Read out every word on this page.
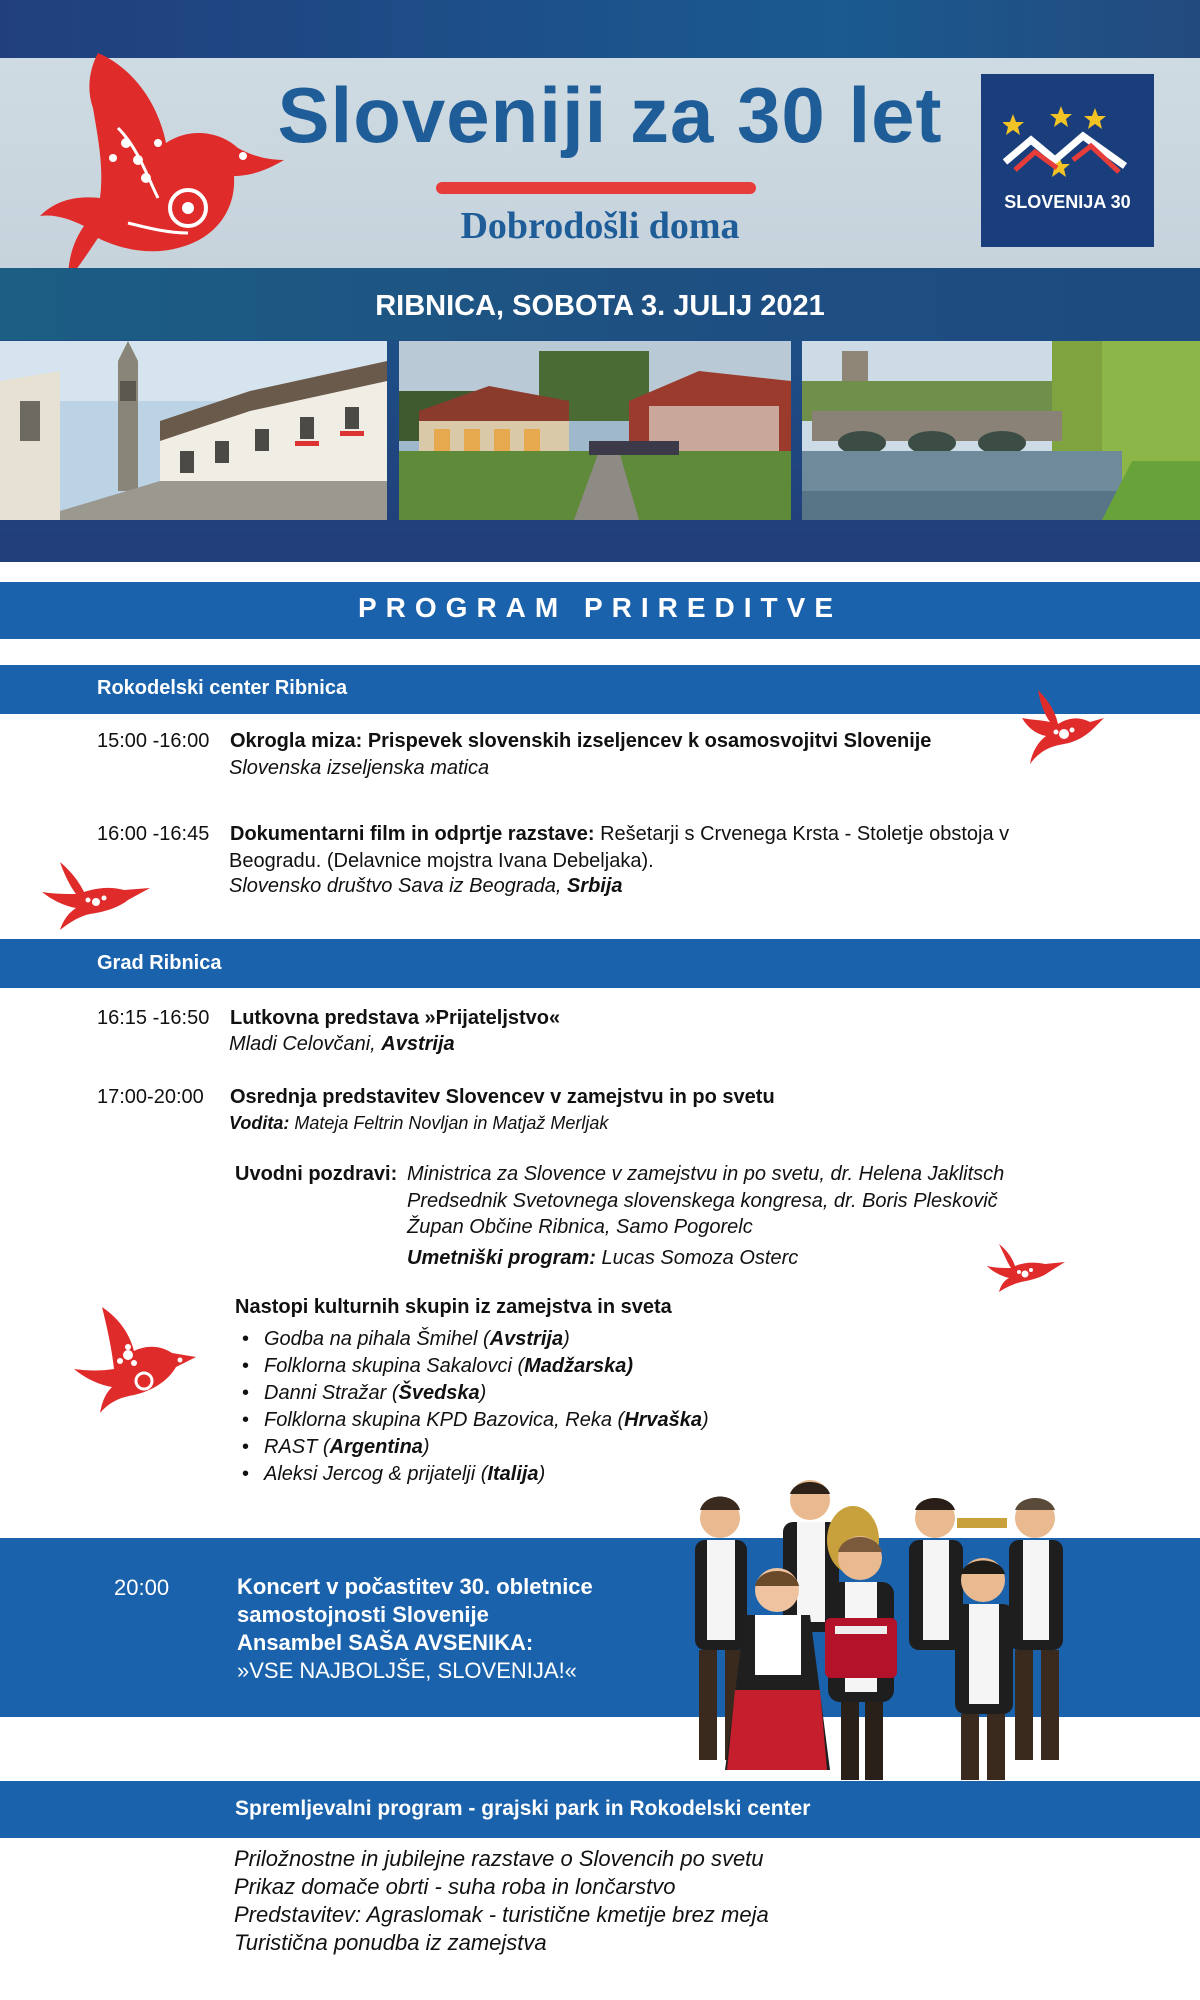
Sloveniji za 30 let
Dobrodošli doma
SLOVENIJA 30
RIBNICA, SOBOTA 3. JULIJ 2021
PROGRAM PRIREDITVE
Rokodelski center Ribnica
15:00 -16:00 Okrogla miza: Prispevek slovenskih izseljencev k osamosvojitvi Slovenije
Slovenska izseljenska matica
16:00 -16:45 Dokumentarni film in odprtje razstave: Rešetarji s Crvenega Krsta - Stoletje obstoja v
Beogradu. (Delavnice mojstra Ivana Debeljaka).
Slovensko društvo Sava iz Beograda, Srbija
Grad Ribnica
16:15 -16:50 Lutkovna predstava »Prijateljstvo«
Mladi Celovčani, Avstrija
17:00-20:00 Osrednja predstavitev Slovencev v zamejstvu in po svetu
Vodita: Mateja Feltrin Novljan in Matjaž Merljak
Uvodni pozdravi: Ministrica za Slovence v zamejstvu in po svetu, dr. Helena Jaklitsch
Predsednik Svetovnega slovenskega kongresa, dr. Boris Pleskovič
Župan Občine Ribnica, Samo Pogorelc
Umetniški program: Lucas Somoza Osterc
Nastopi kulturnih skupin iz zamejstva in sveta
• Godba na pihala Šmihel (Avstrija)
• Folklorna skupina Sakalovci (Madžarska)
• Danni Stražar (Švedska)
• Folklorna skupina KPD Bazovica, Reka (Hrvaška)
• RAST (Argentina)
• Aleksi Jercog & prijatelji (Italija)
20:00	Koncert v počastitev 30. obletnice
samostojnosti Slovenije
Ansambel SAŠA AVSENIKA:
»VSE NAJBOLJŠE, SLOVENIJA!«
Spremljevalni program - grajski park in Rokodelski center
Priložnostne in jubilejne razstave o Slovencih po svetu
Prikaz domače obrti - suha roba in lončarstvo
Predstavitev: Agraslomak - turistične kmetije brez meja
Turistična ponudba iz zamejstva
